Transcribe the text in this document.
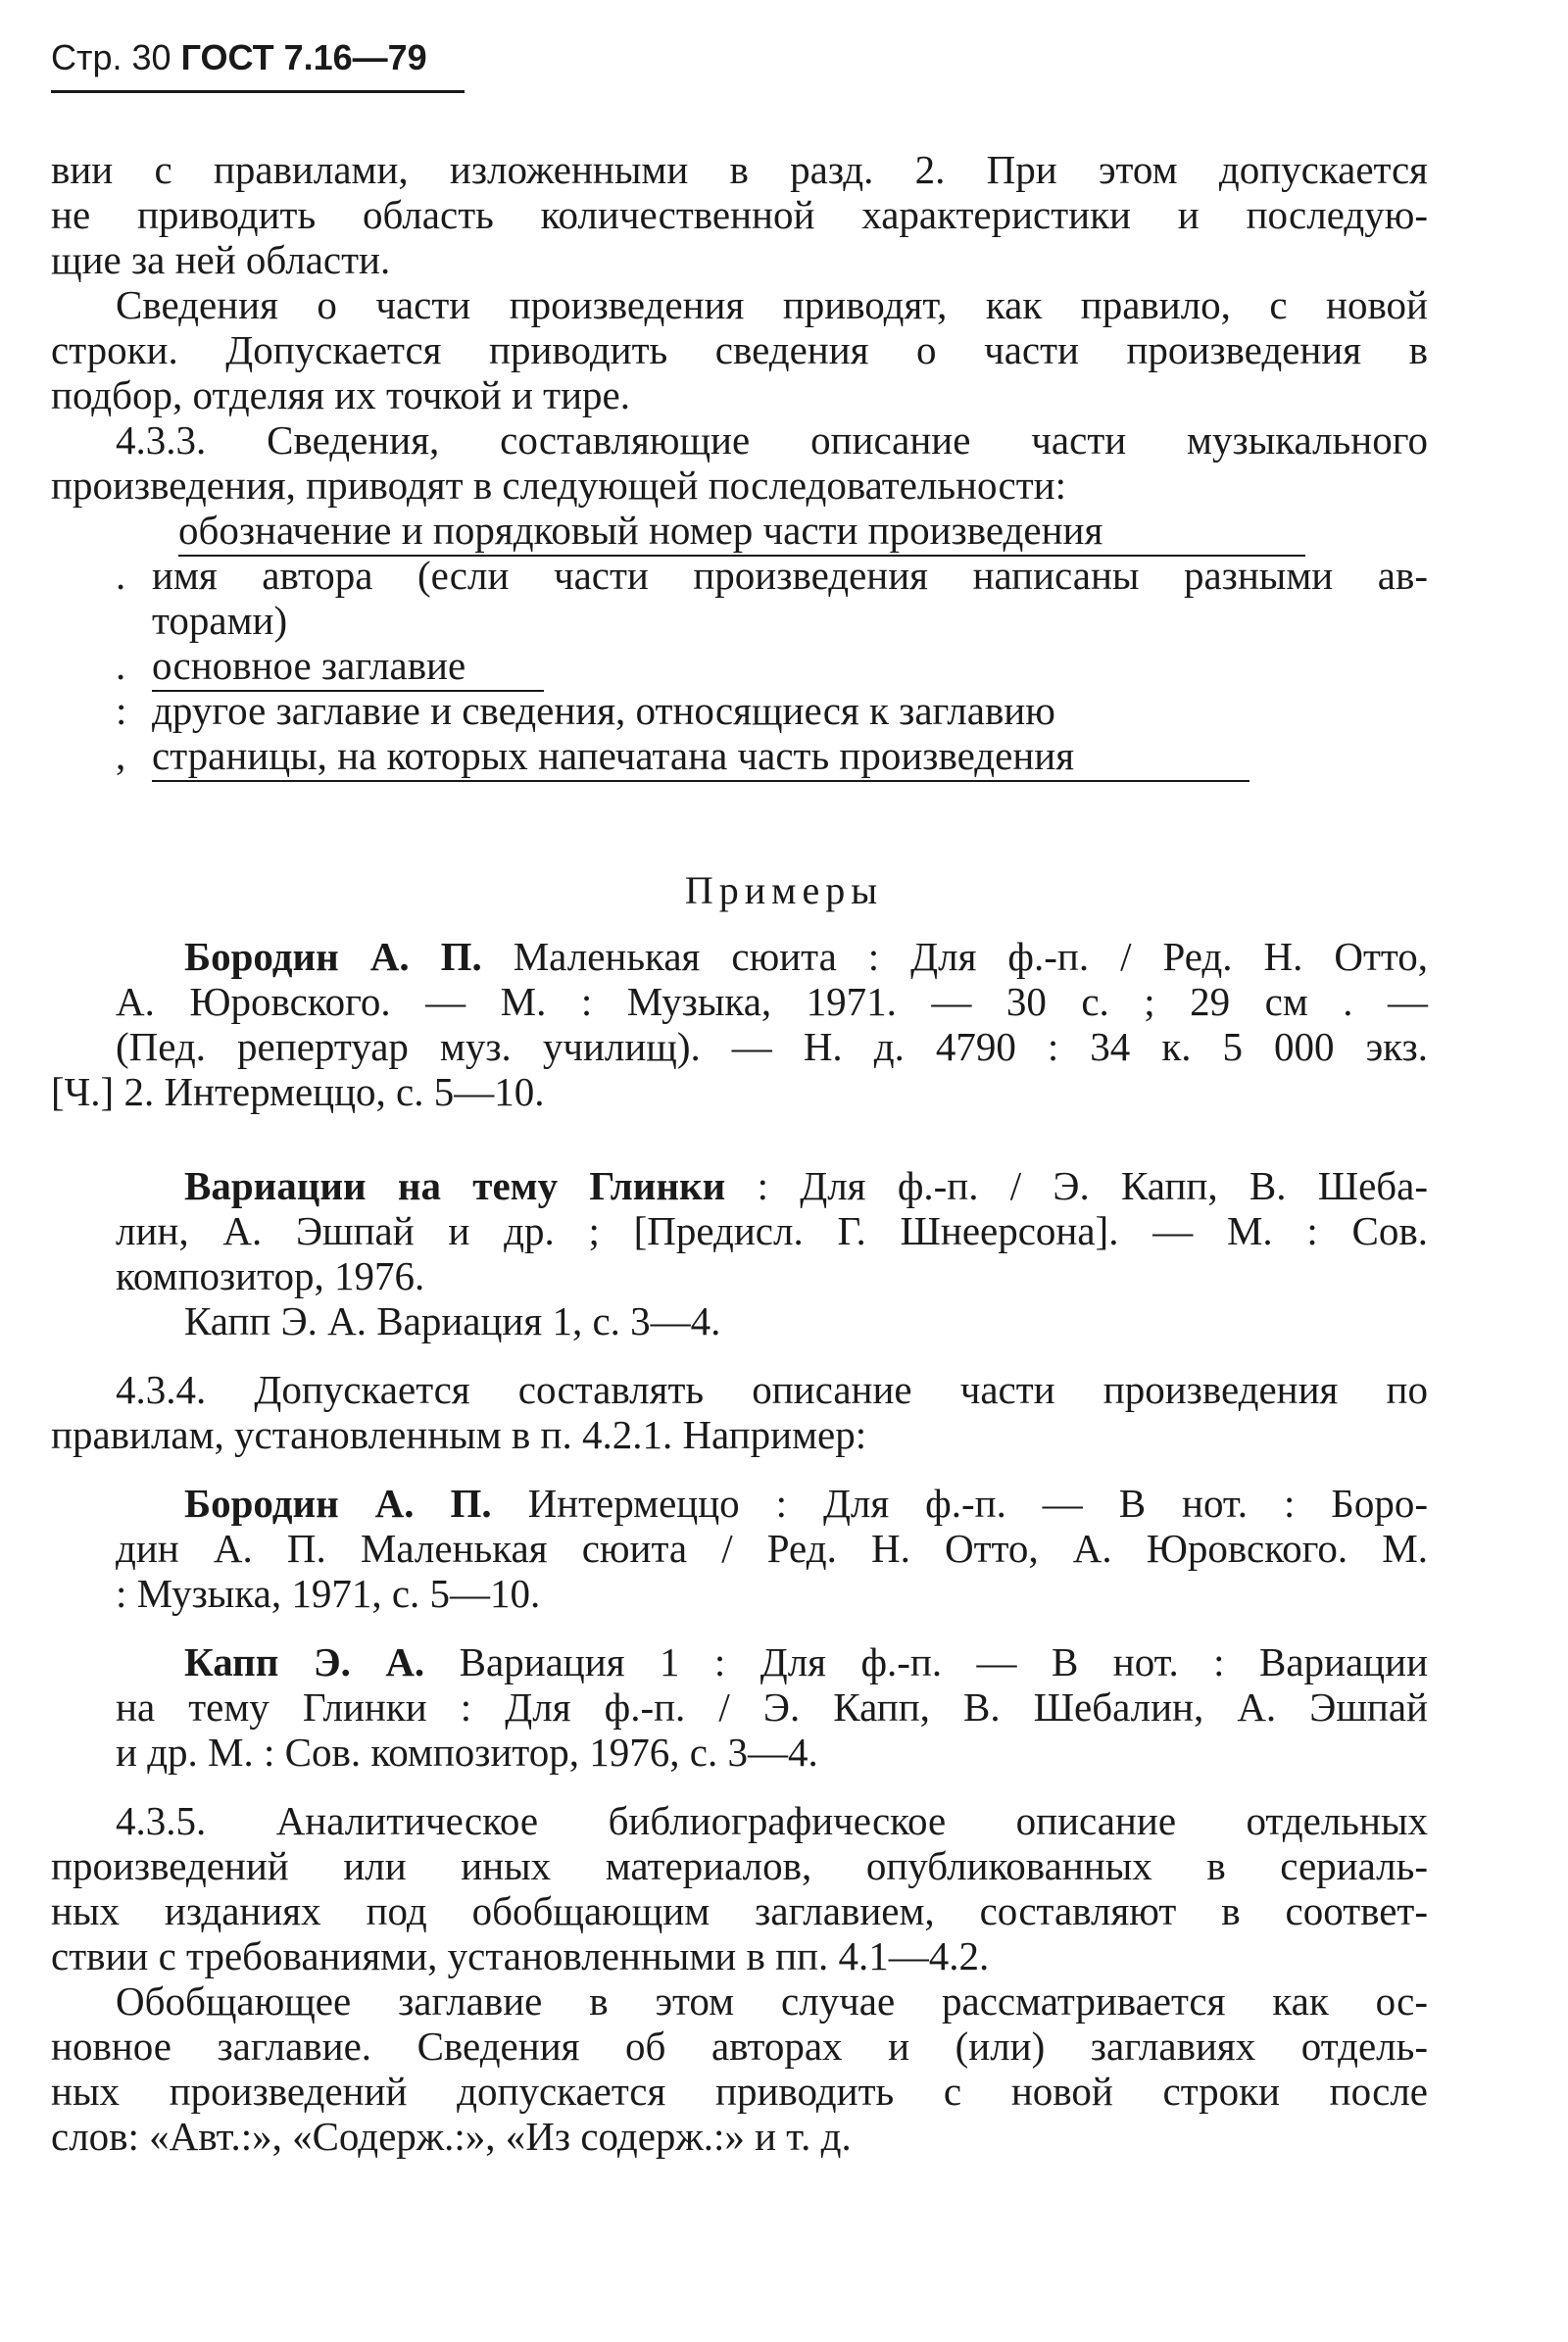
Стр. 30 ГОСТ 7.16—79
вии с правилами, изложенными в разд. 2. При этом допускается
не приводить область количественной характеристики и последую-
щие за ней области.
Сведения о части произведения приводят, как правило, с новой
строки. Допускается приводить сведения о части произведения в
подбор, отделяя их точкой и тире.
4.3.3. Сведения, составляющие описание части музыкального
произведения, приводят в следующей последовательности:
обозначение и порядковый номер части произведения
. имя автора (если части произведения написаны разными ав-
торами)
. основное заглавие
: другое заглавие и сведения, относящиеся к заглавию
, страницы, на которых напечатана часть произведения
Примеры
Бородин А. П. Маленькая сюита : Для ф.-п. / Ред. Н. Отто,
А. Юровского. — М. : Музыка, 1971. — 30 с. ; 29 см . —
(Пед. репертуар муз. училищ). — Н. д. 4790 : 34 к. 5 000 экз.
[Ч.] 2. Интермеццо, с. 5—10.
Вариации на тему Глинки : Для ф.-п. / Э. Капп, В. Шеба-
лин, А. Эшпай и др. ; [Предисл. Г. Шнеерсона]. — М. : Сов.
композитор, 1976.
Капп Э. А. Вариация 1, с. 3—4.
4.3.4. Допускается составлять описание части произведения по
правилам, установленным в п. 4.2.1. Например:
Бородин А. П. Интермеццо : Для ф.-п. — В нот. : Боро-
дин А. П. Маленькая сюита / Ред. Н. Отто, А. Юровского. М.
: Музыка, 1971, с. 5—10.
Капп Э. А. Вариация 1 : Для ф.-п. — В нот. : Вариации
на тему Глинки : Для ф.-п. / Э. Капп, В. Шебалин, А. Эшпай
и др. М. : Сов. композитор, 1976, с. 3—4.
4.3.5. Аналитическое библиографическое описание отдельных
произведений или иных материалов, опубликованных в сериаль-
ных изданиях под обобщающим заглавием, составляют в соответ-
ствии с требованиями, установленными в пп. 4.1—4.2.
Обобщающее заглавие в этом случае рассматривается как ос-
новное заглавие. Сведения об авторах и (или) заглавиях отдель-
ных произведений допускается приводить с новой строки после
слов: «Авт.:», «Содерж.:», «Из содерж.:» и т. д.
